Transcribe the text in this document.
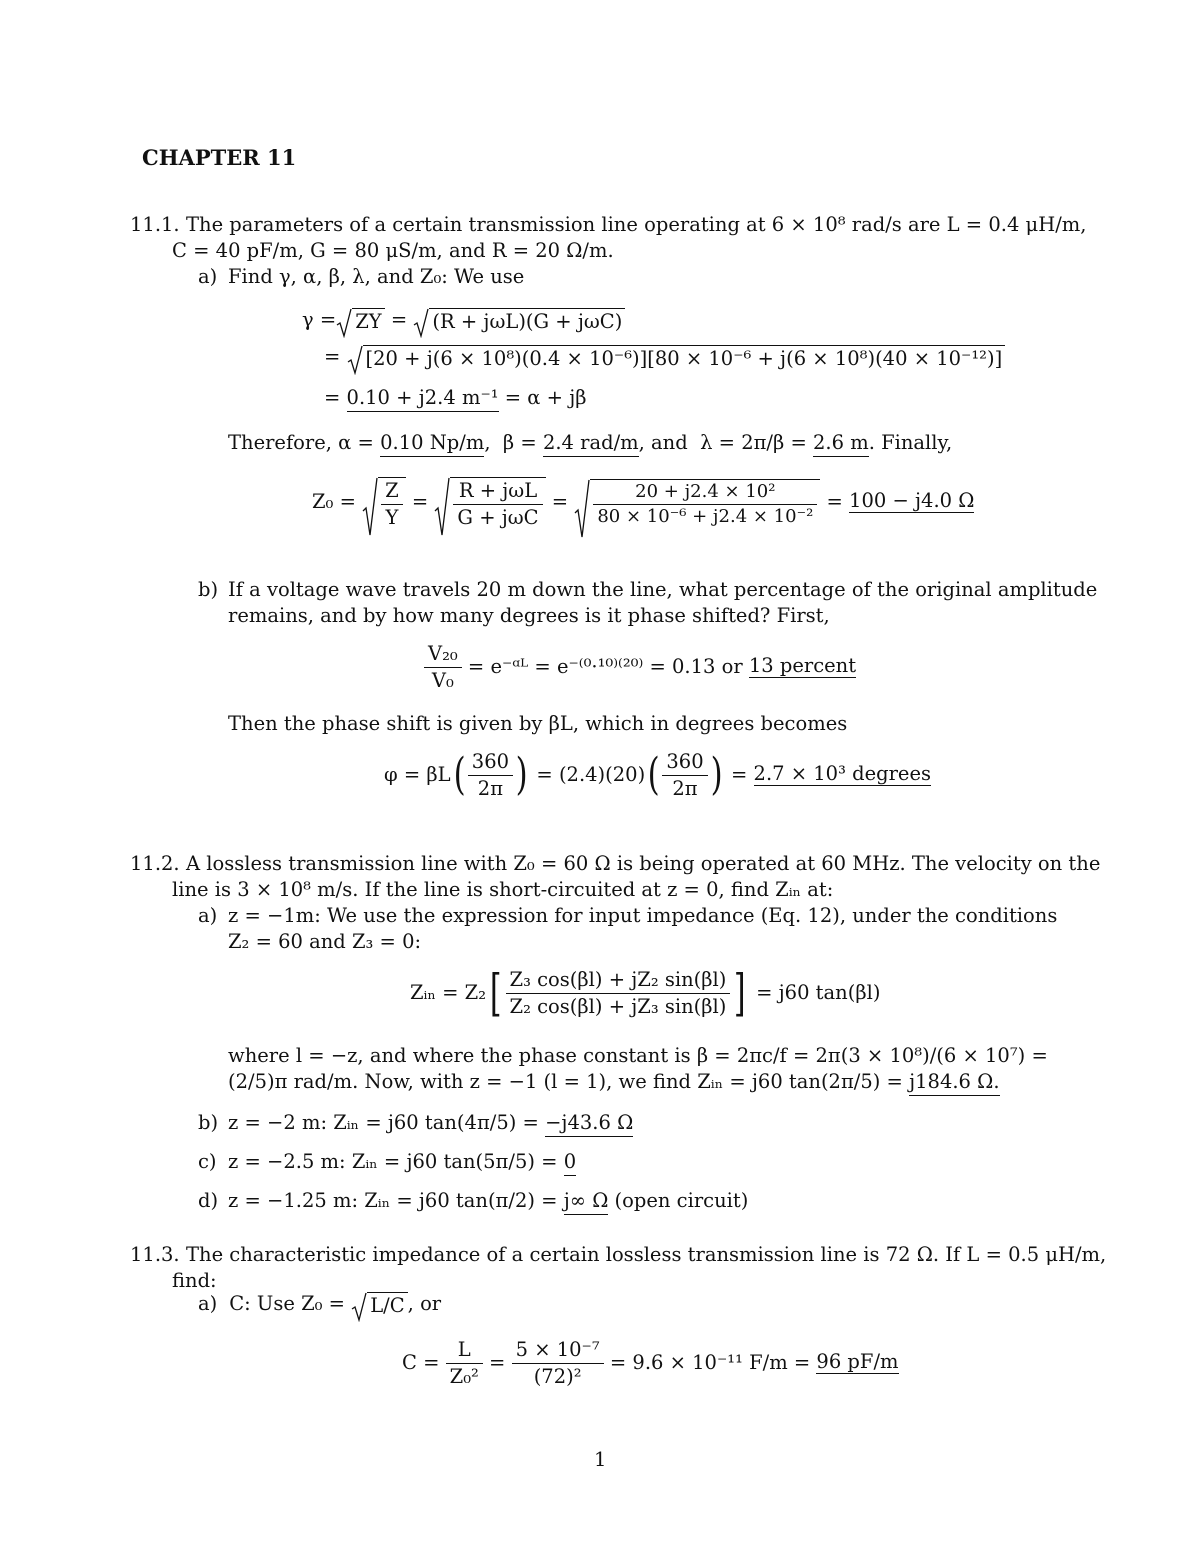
CHAPTER 11
11.1. The parameters of a certain transmission line operating at 6 × 10⁸ rad/s are L = 0.4 μH/m,
C = 40 pF/m, G = 80 μS/m, and R = 20 Ω/m.
a) Find γ, α, β, λ, and Z₀: We use
γ = ZY = (R + jωL)(G + jωC)
= [20 + j(6 × 10⁸)(0.4 × 10⁻⁶)][80 × 10⁻⁶ + j(6 × 10⁸)(40 × 10⁻¹²)]
= 0.10 + j2.4 m⁻¹ = α + jβ
Therefore, α = 0.10 Np/m,  β = 2.4 rad/m, and  λ = 2π/β = 2.6 m. Finally,
$Z_0 = \frac{Z}{Y} = \frac{\text{R + jωL}}{\text{G + jωC}} = \frac{\text{20 + j2.4 × 10²}}{\text{80 × 10⁻⁶ + j2.4 × 10⁻²}} = 100 - j4.0$ Ω
b) If a voltage wave travels 20 m down the line, what percentage of the original amplitude
remains, and by how many degrees is it phase shifted? First,
$\frac{\text{V₂₀}}{\text{V₀}}$ = e⁻ᵅᴸ = e⁻⁽⁰·¹⁰⁾⁽²⁰⁾ = 0.13 or 13 percent
Then the phase shift is given by βL, which in degrees becomes
φ = βL ( $\frac{360}{2\pi}$ ) = (2.4)(20) ( $\frac{360}{2\pi}$ ) = 2.7 × 10³ degrees
11.2. A lossless transmission line with Z₀ = 60 Ω is being operated at 60 MHz. The velocity on the
line is 3 × 10⁸ m/s. If the line is short-circuited at z = 0, find Zᵢₙ at:
a) z = −1m: We use the expression for input impedance (Eq. 12), under the conditions
Z₂ = 60 and Z₃ = 0:
Zᵢₙ = Z₂ [ $\frac{\text{Z₃ cos(βl) + jZ₂ sin(βl)}}{\text{Z₂ cos(βl) + jZ₃ sin(βl)}}$ ] = j60 tan(βl)
where l = −z, and where the phase constant is β = 2πc/f = 2π(3 × 10⁸)/(6 × 10⁷) =
(2/5)π rad/m. Now, with z = −1 (l = 1), we find Zᵢₙ = j60 tan(2π/5) = j184.6 Ω.
b) z = −2 m: Zᵢₙ = j60 tan(4π/5) = −j43.6 Ω
c) z = −2.5 m: Zᵢₙ = j60 tan(5π/5) = 0
d) z = −1.25 m: Zᵢₙ = j60 tan(π/2) = j∞ Ω (open circuit)
11.3. The characteristic impedance of a certain lossless transmission line is 72 Ω. If L = 0.5 μH/m,
find:
a) C: Use Z₀ = L/C , or
$C = \frac{L}{\text{Z₀²}} = \frac{\text{5 × 10⁻⁷}}{\text{(72)²}} = 9.6 \times 10^{-11}$ F/m = 96 pF/m
1
